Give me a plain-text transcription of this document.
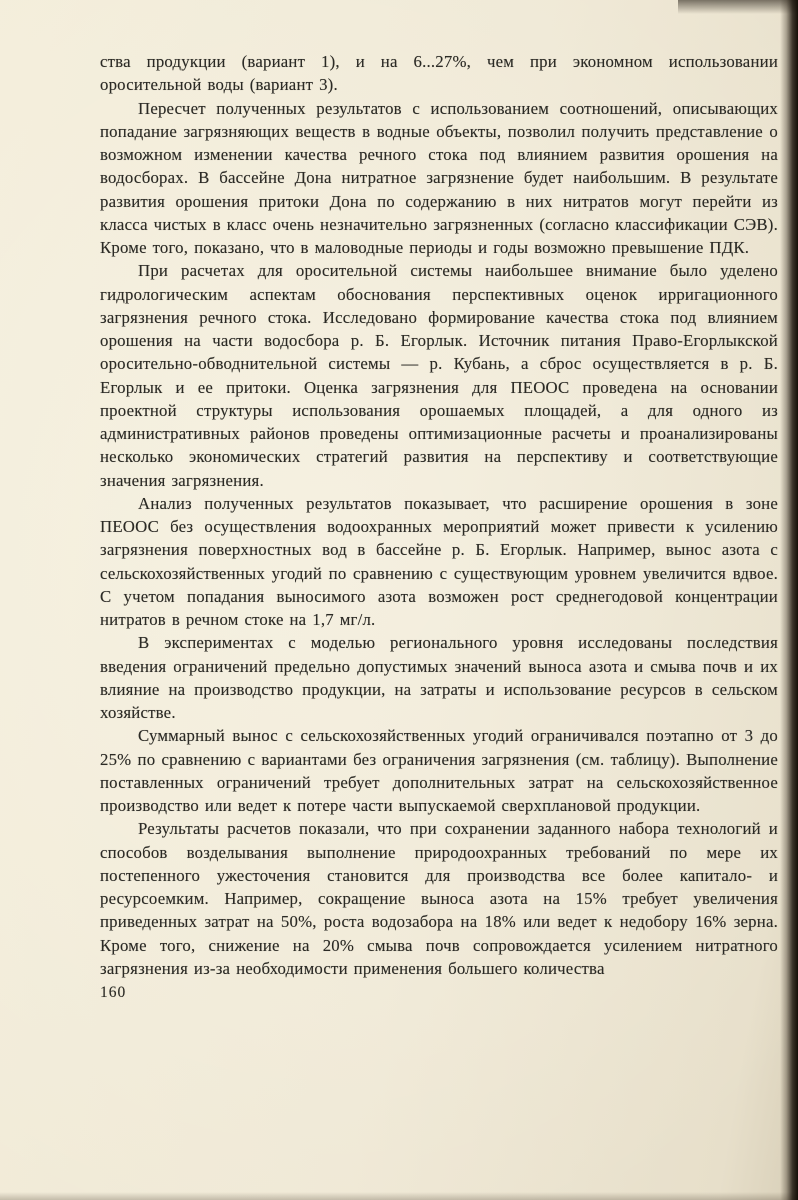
ства продукции (вариант 1), и на 6...27%, чем при экономном использовании оросительной воды (вариант 3).

Пересчет полученных результатов с использованием соотношений, описывающих попадание загрязняющих веществ в водные объекты, позволил получить представление о возможном изменении качества речного стока под влиянием развития орошения на водосборах. В бассейне Дона нитратное загрязнение будет наибольшим. В результате развития орошения притоки Дона по содержанию в них нитратов могут перейти из класса чистых в класс очень незначительно загрязненных (согласно классификации СЭВ). Кроме того, показано, что в маловодные периоды и годы возможно превышение ПДК.

При расчетах для оросительной системы наибольшее внимание было уделено гидрологическим аспектам обоснования перспективных оценок ирригационного загрязнения речного стока. Исследовано формирование качества стока под влиянием орошения на части водосбора р. Б. Егорлык. Источник питания Право-Егорлыкской оросительно-обводнительной системы — р. Кубань, а сброс осуществляется в р. Б. Егорлык и ее притоки. Оценка загрязнения для ПЕООС проведена на основании проектной структуры использования орошаемых площадей, а для одного из административных районов проведены оптимизационные расчеты и проанализированы несколько экономических стратегий развития на перспективу и соответствующие значения загрязнения.

Анализ полученных результатов показывает, что расширение орошения в зоне ПЕООС без осуществления водоохранных мероприятий может привести к усилению загрязнения поверхностных вод в бассейне р. Б. Егорлык. Например, вынос азота с сельскохозяйственных угодий по сравнению с существующим уровнем увеличится вдвое. С учетом попадания выносимого азота возможен рост среднегодовой концентрации нитратов в речном стоке на 1,7 мг/л.

В экспериментах с моделью регионального уровня исследованы последствия введения ограничений предельно допустимых значений выноса азота и смыва почв и их влияние на производство продукции, на затраты и использование ресурсов в сельском хозяйстве.

Суммарный вынос с сельскохозяйственных угодий ограничивался поэтапно от 3 до 25% по сравнению с вариантами без ограничения загрязнения (см. таблицу). Выполнение поставленных ограничений требует дополнительных затрат на сельскохозяйственное производство или ведет к потере части выпускаемой сверхплановой продукции.

Результаты расчетов показали, что при сохранении заданного набора технологий и способов возделывания выполнение природоохранных требований по мере их постепенного ужесточения становится для производства все более капитало- и ресурсоемким. Например, сокращение выноса азота на 15% требует увеличения приведенных затрат на 50%, роста водозабора на 18% или ведет к недобору 16% зерна. Кроме того, снижение на 20% смыва почв сопровождается усилением нитратного загрязнения из-за необходимости применения большего количества

160
